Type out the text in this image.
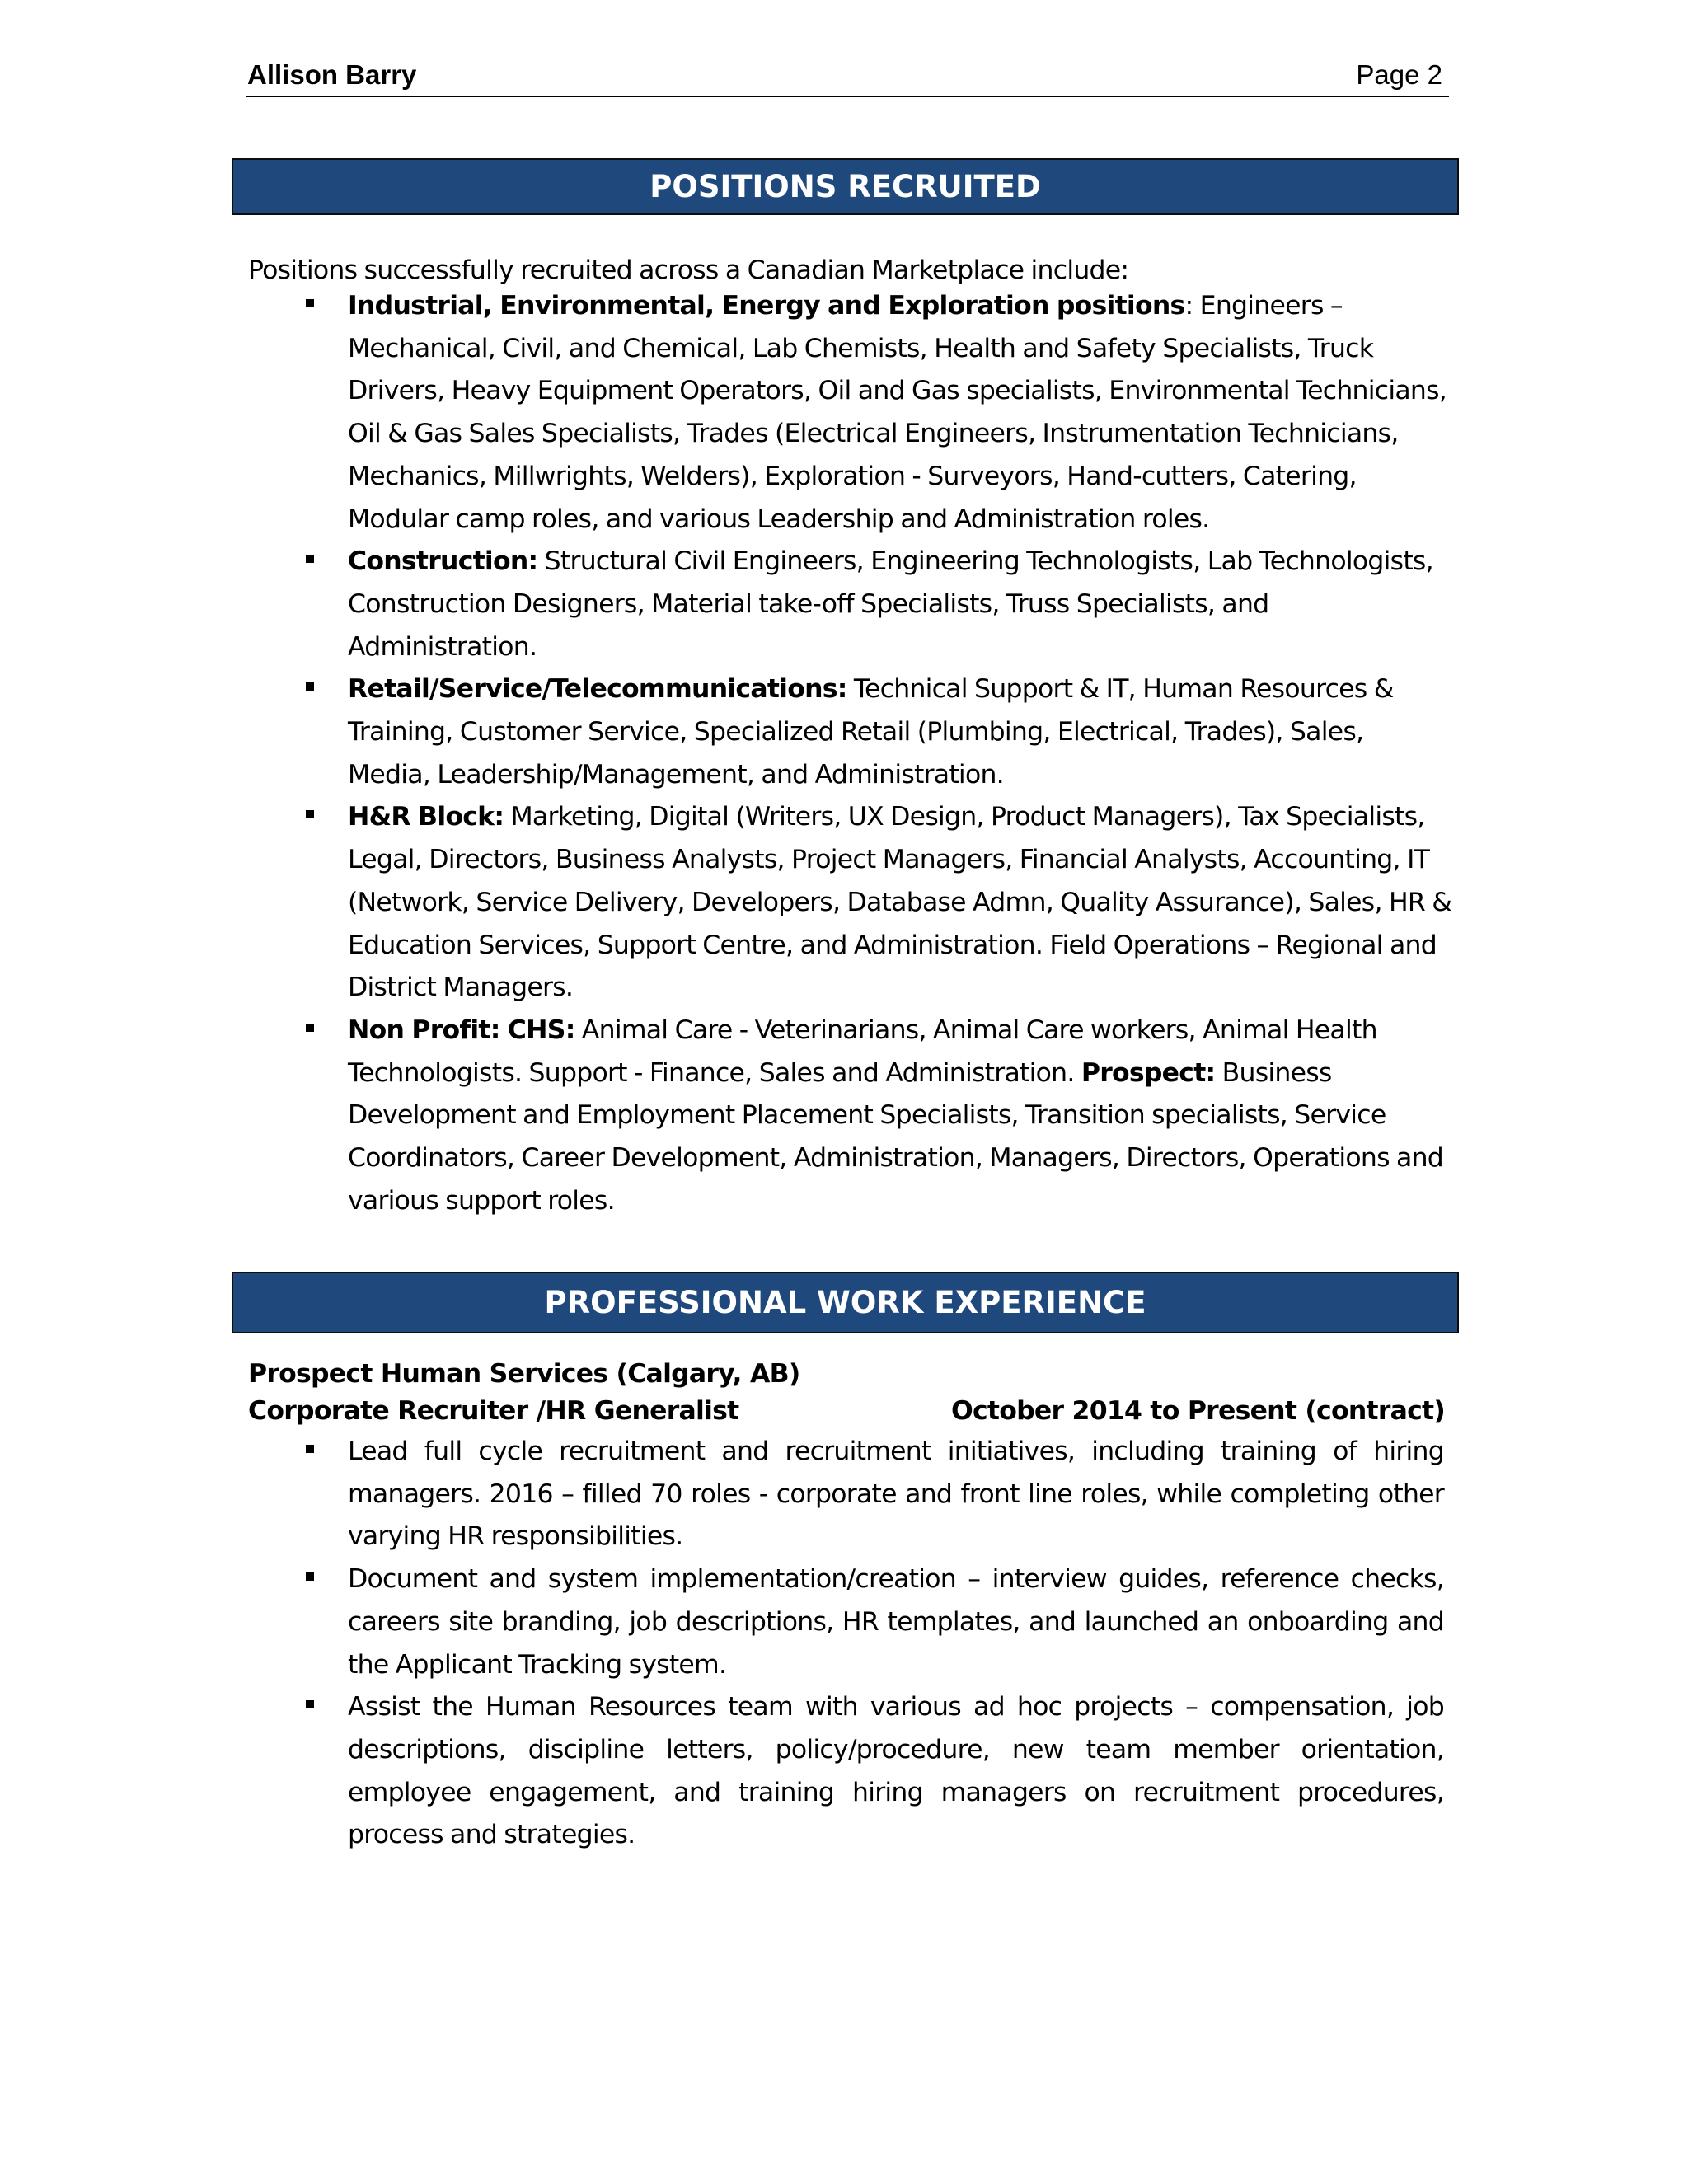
Allison Barry	Page 2
POSITIONS RECRUITED
Positions successfully recruited across a Canadian Marketplace include:
Industrial, Environmental, Energy and Exploration positions: Engineers – Mechanical, Civil, and Chemical, Lab Chemists, Health and Safety Specialists, Truck Drivers, Heavy Equipment Operators, Oil and Gas specialists, Environmental Technicians, Oil & Gas Sales Specialists, Trades (Electrical Engineers, Instrumentation Technicians, Mechanics, Millwrights, Welders), Exploration - Surveyors, Hand-cutters, Catering, Modular camp roles, and various Leadership and Administration roles.
Construction: Structural Civil Engineers, Engineering Technologists, Lab Technologists, Construction Designers, Material take-off Specialists, Truss Specialists, and Administration.
Retail/Service/Telecommunications: Technical Support & IT, Human Resources & Training, Customer Service, Specialized Retail (Plumbing, Electrical, Trades), Sales, Media, Leadership/Management, and Administration.
H&R Block: Marketing, Digital (Writers, UX Design, Product Managers), Tax Specialists, Legal, Directors, Business Analysts, Project Managers, Financial Analysts, Accounting, IT (Network, Service Delivery, Developers, Database Admn, Quality Assurance), Sales, HR & Education Services, Support Centre, and Administration. Field Operations – Regional and District Managers.
Non Profit: CHS: Animal Care - Veterinarians, Animal Care workers, Animal Health Technologists. Support - Finance, Sales and Administration. Prospect: Business Development and Employment Placement Specialists, Transition specialists, Service Coordinators, Career Development, Administration, Managers, Directors, Operations and various support roles.
PROFESSIONAL WORK EXPERIENCE
Prospect Human Services (Calgary, AB)
Corporate Recruiter /HR Generalist	October 2014 to Present (contract)
Lead full cycle recruitment and recruitment initiatives, including training of hiring managers. 2016 – filled 70 roles - corporate and front line roles, while completing other varying HR responsibilities.
Document and system implementation/creation – interview guides, reference checks, careers site branding, job descriptions, HR templates, and launched an onboarding and the Applicant Tracking system.
Assist the Human Resources team with various ad hoc projects – compensation, job descriptions, discipline letters, policy/procedure, new team member orientation, employee engagement, and training hiring managers on recruitment procedures, process and strategies.
